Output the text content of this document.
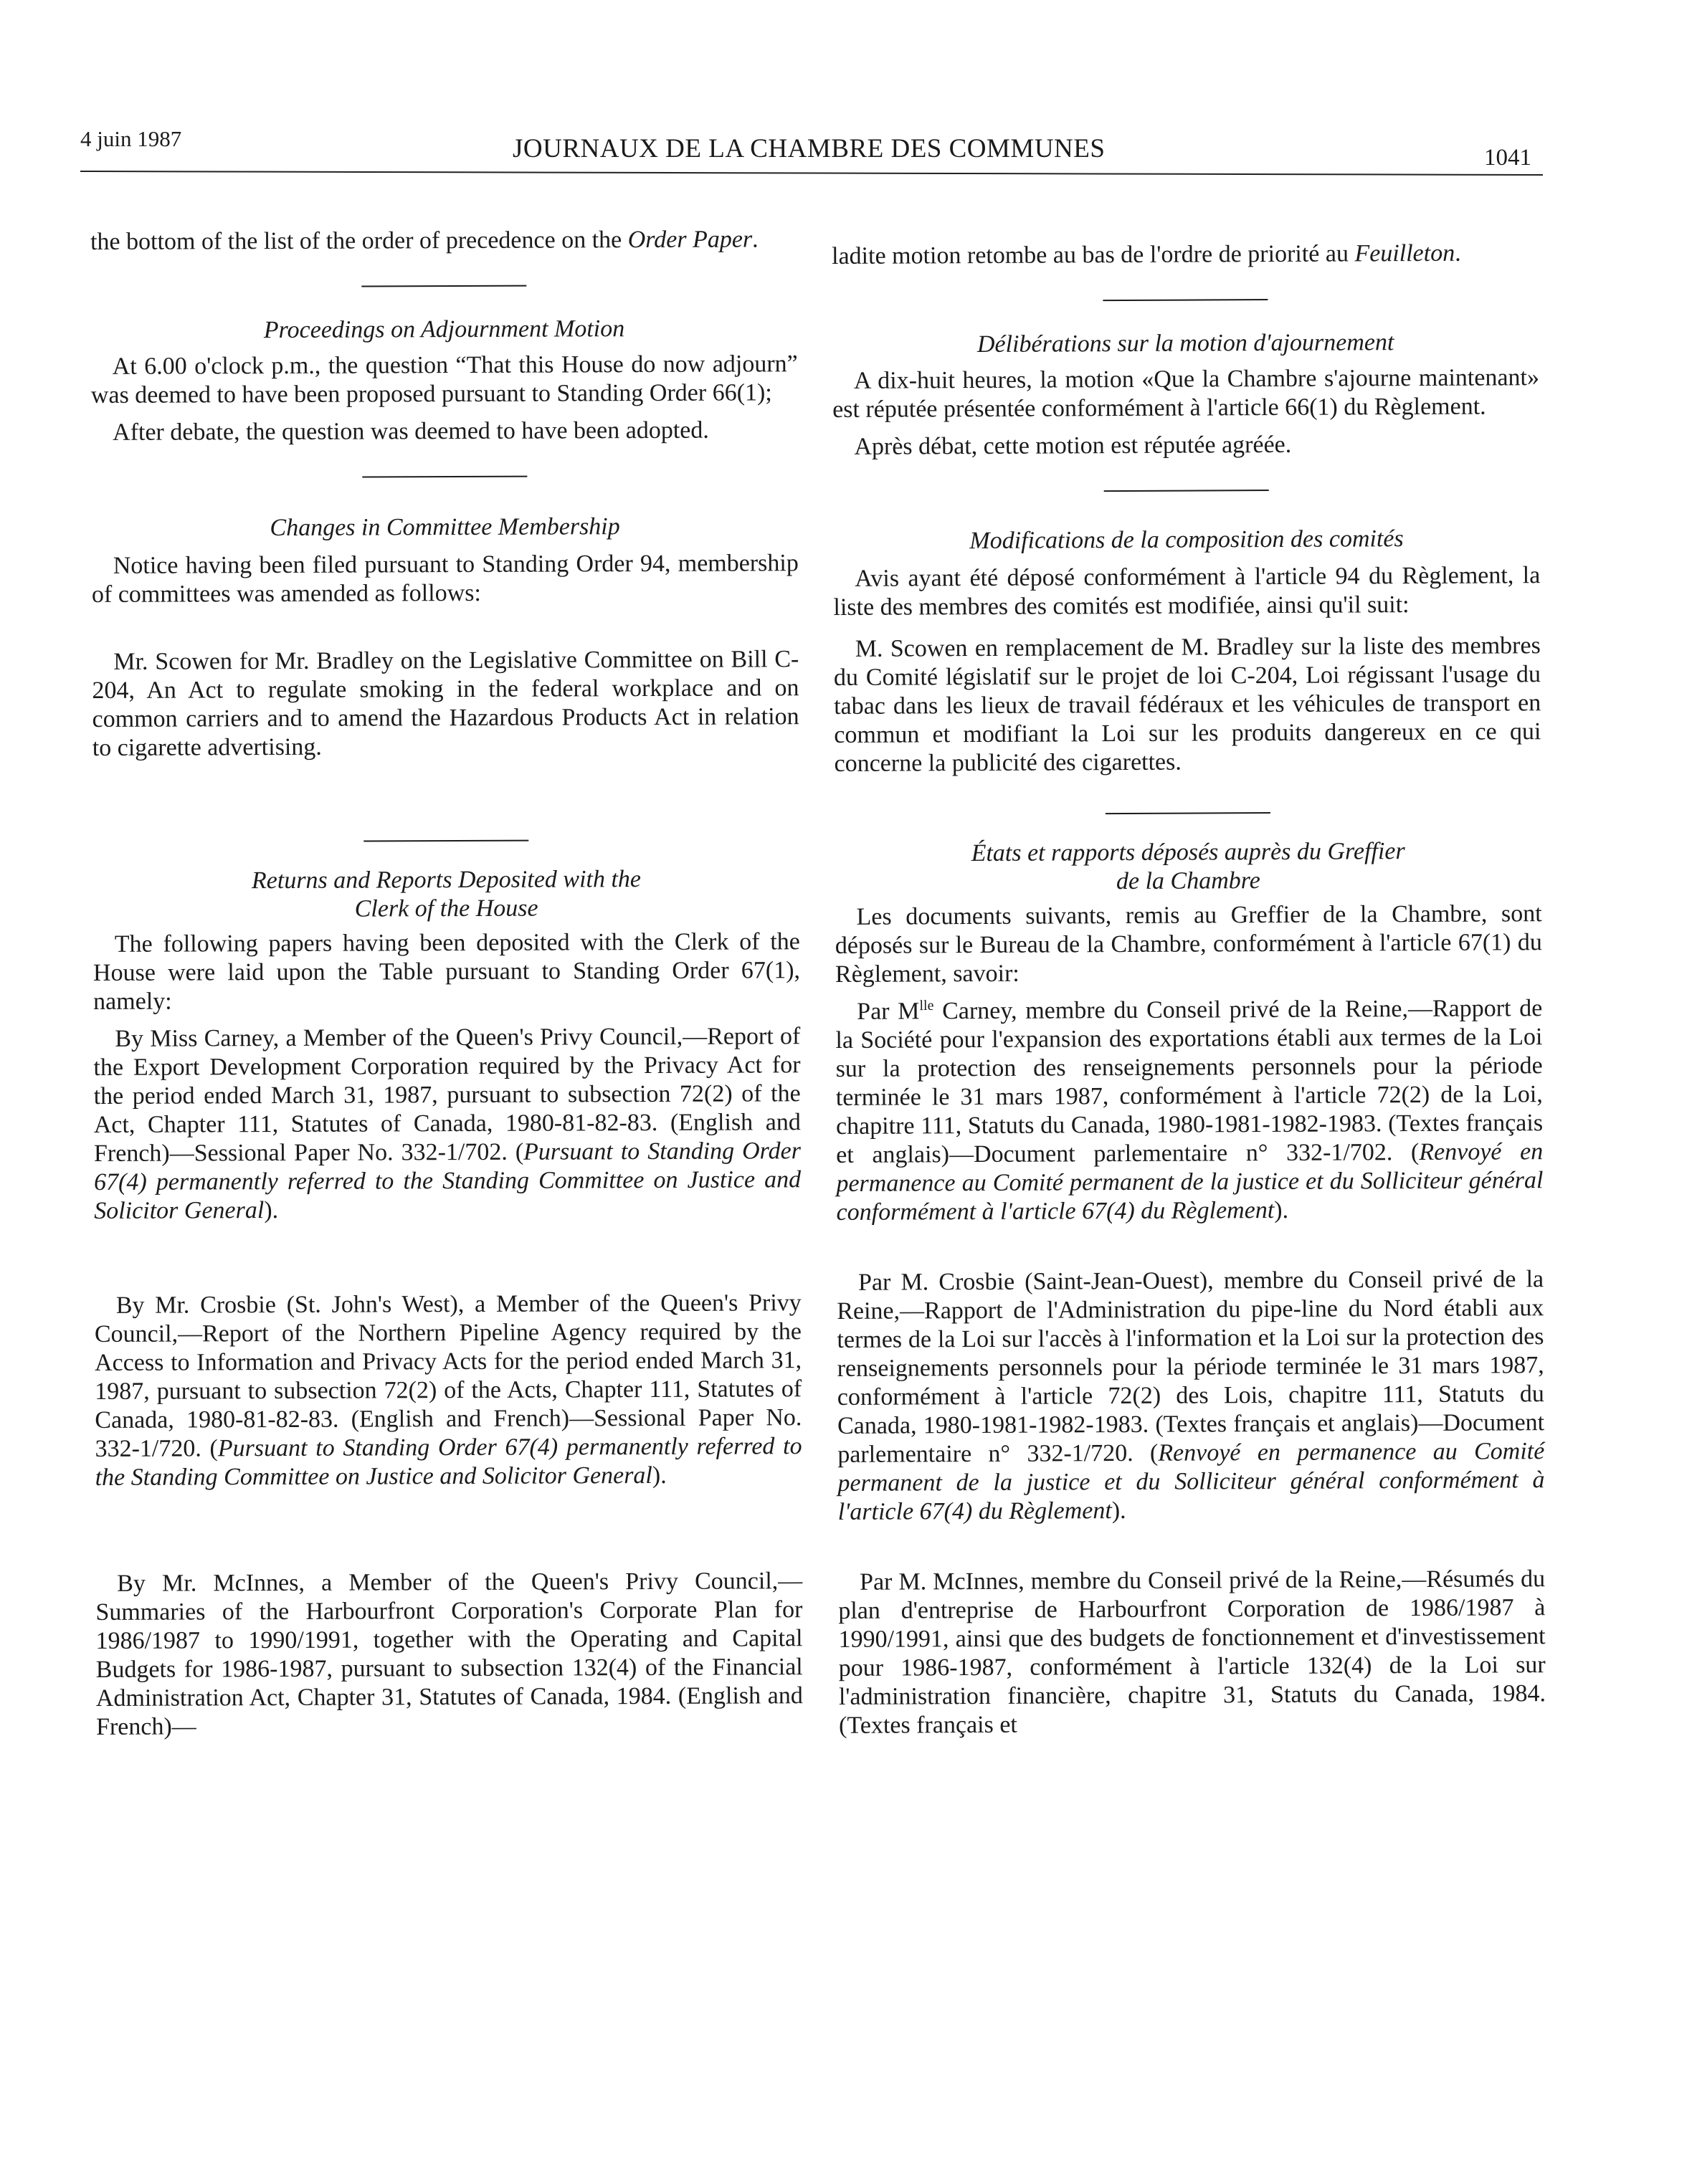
4 juin 1987	JOURNAUX DE LA CHAMBRE DES COMMUNES	1041

the bottom of the list of the order of precedence on the Order Paper.

Proceedings on Adjournment Motion

At 6.00 o'clock p.m., the question “That this House do now adjourn” was deemed to have been proposed pursuant to Standing Order 66(1);

After debate, the question was deemed to have been adopted.

Changes in Committee Membership

Notice having been filed pursuant to Standing Order 94, membership of committees was amended as follows:

Mr. Scowen for Mr. Bradley on the Legislative Committee on Bill C-204, An Act to regulate smoking in the federal workplace and on common carriers and to amend the Hazardous Products Act in relation to cigarette advertising.

Returns and Reports Deposited with the
Clerk of the House

The following papers having been deposited with the Clerk of the House were laid upon the Table pursuant to Standing Order 67(1), namely:

By Miss Carney, a Member of the Queen's Privy Council,—Report of the Export Development Corporation required by the Privacy Act for the period ended March 31, 1987, pursuant to subsection 72(2) of the Act, Chapter 111, Statutes of Canada, 1980-81-82-83. (English and French)—Sessional Paper No. 332-1/702. (Pursuant to Standing Order 67(4) permanently referred to the Standing Committee on Justice and Solicitor General).

By Mr. Crosbie (St. John's West), a Member of the Queen's Privy Council,—Report of the Northern Pipeline Agency required by the Access to Information and Privacy Acts for the period ended March 31, 1987, pursuant to subsection 72(2) of the Acts, Chapter 111, Statutes of Canada, 1980-81-82-83. (English and French)—Sessional Paper No. 332-1/720. (Pursuant to Standing Order 67(4) permanently referred to the Standing Committee on Justice and Solicitor General).

By Mr. McInnes, a Member of the Queen's Privy Council,—Summaries of the Harbourfront Corporation's Corporate Plan for 1986/1987 to 1990/1991, together with the Operating and Capital Budgets for 1986-1987, pursuant to subsection 132(4) of the Financial Administration Act, Chapter 31, Statutes of Canada, 1984. (English and French)—

ladite motion retombe au bas de l'ordre de priorité au Feuilleton.

Délibérations sur la motion d'ajournement

A dix-huit heures, la motion «Que la Chambre s'ajourne maintenant» est réputée présentée conformément à l'article 66(1) du Règlement.

Après débat, cette motion est réputée agréée.

Modifications de la composition des comités

Avis ayant été déposé conformément à l'article 94 du Règlement, la liste des membres des comités est modifiée, ainsi qu'il suit:

M. Scowen en remplacement de M. Bradley sur la liste des membres du Comité législatif sur le projet de loi C-204, Loi régissant l'usage du tabac dans les lieux de travail fédéraux et les véhicules de transport en commun et modifiant la Loi sur les produits dangereux en ce qui concerne la publicité des cigarettes.

États et rapports déposés auprès du Greffier
de la Chambre

Les documents suivants, remis au Greffier de la Chambre, sont déposés sur le Bureau de la Chambre, conformément à l'article 67(1) du Règlement, savoir:

Par $M^{lle}$ Carney, membre du Conseil privé de la Reine,—Rapport de la Société pour l'expansion des exportations établi aux termes de la Loi sur la protection des renseignements personnels pour la période terminée le 31 mars 1987, conformément à l'article 72(2) de la Loi, chapitre 111, Statuts du Canada, 1980-1981-1982-1983. (Textes français et anglais)—Document parlementaire n° 332-1/702. (Renvoyé en permanence au Comité permanent de la justice et du Solliciteur général conformément à l'article 67(4) du Règlement).

Par M. Crosbie (Saint-Jean-Ouest), membre du Conseil privé de la Reine,—Rapport de l'Administration du pipe-line du Nord établi aux termes de la Loi sur l'accès à l'information et la Loi sur la protection des renseignements personnels pour la période terminée le 31 mars 1987, conformément à l'article 72(2) des Lois, chapitre 111, Statuts du Canada, 1980-1981-1982-1983. (Textes français et anglais)—Document parlementaire n° 332-1/720. (Renvoyé en permanence au Comité permanent de la justice et du Solliciteur général conformément à l'article 67(4) du Règlement).

Par M. McInnes, membre du Conseil privé de la Reine,—Résumés du plan d'entreprise de Harbourfront Corporation de 1986/1987 à 1990/1991, ainsi que des budgets de fonctionnement et d'investissement pour 1986-1987, conformément à l'article 132(4) de la Loi sur l'administration financière, chapitre 31, Statuts du Canada, 1984. (Textes français et
